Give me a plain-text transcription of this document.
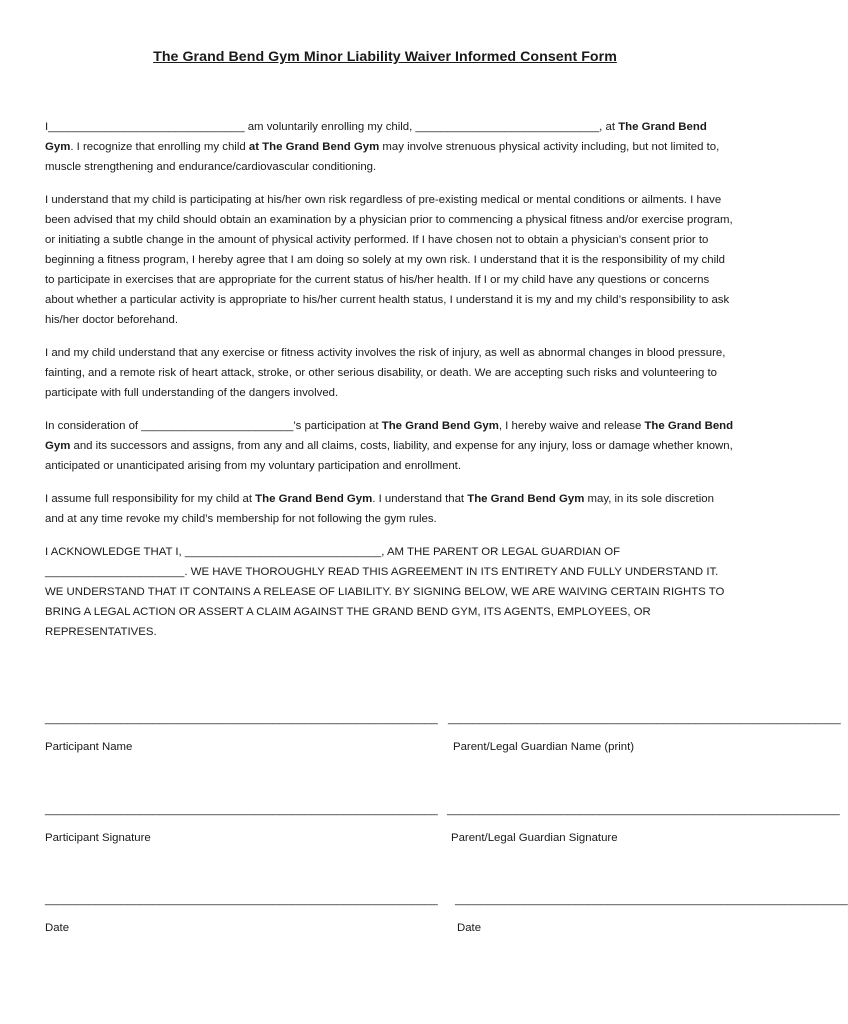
The Grand Bend Gym Minor Liability Waiver Informed Consent Form

I_______________________________ am voluntarily enrolling my child, _____________________________, at The Grand Bend Gym. I recognize that enrolling my child at The Grand Bend Gym may involve strenuous physical activity including, but not limited to, muscle strengthening and endurance/cardiovascular conditioning.

I understand that my child is participating at his/her own risk regardless of pre-existing medical or mental conditions or ailments. I have been advised that my child should obtain an examination by a physician prior to commencing a physical fitness and/or exercise program, or initiating a subtle change in the amount of physical activity performed. If I have chosen not to obtain a physician’s consent prior to beginning a fitness program, I hereby agree that I am doing so solely at my own risk. I understand that it is the responsibility of my child to participate in exercises that are appropriate for the current status of his/her health. If I or my child have any questions or concerns about whether a particular activity is appropriate to his/her current health status, I understand it is my and my child’s responsibility to ask his/her doctor beforehand.

I and my child understand that any exercise or fitness activity involves the risk of injury, as well as abnormal changes in blood pressure, fainting, and a remote risk of heart attack, stroke, or other serious disability, or death. We are accepting such risks and volunteering to participate with full understanding of the dangers involved.

In consideration of ________________________’s participation at The Grand Bend Gym, I hereby waive and release The Grand Bend Gym and its successors and assigns, from any and all claims, costs, liability, and expense for any injury, loss or damage whether known, anticipated or unanticipated arising from my voluntary participation and enrollment.

I assume full responsibility for my child at The Grand Bend Gym. I understand that The Grand Bend Gym may, in its sole discretion and at any time revoke my child’s membership for not following the gym rules.

I ACKNOWLEDGE THAT I, _______________________________, AM THE PARENT OR LEGAL GUARDIAN OF ______________________. WE HAVE THOROUGHLY READ THIS AGREEMENT IN ITS ENTIRETY AND FULLY UNDERSTAND IT. WE UNDERSTAND THAT IT CONTAINS A RELEASE OF LIABILITY. BY SIGNING BELOW, WE ARE WAIVING CERTAIN RIGHTS TO BRING A LEGAL ACTION OR ASSERT A CLAIM AGAINST THE GRAND BEND GYM, ITS AGENTS, EMPLOYEES, OR REPRESENTATIVES.

______________________________________________________________ ______________________________________________________________
Participant Name	Parent/Legal Guardian Name (print)
______________________________________________________________ ______________________________________________________________
Participant Signature	Parent/Legal Guardian Signature
______________________________________________________________ ______________________________________________________________
Date	Date
